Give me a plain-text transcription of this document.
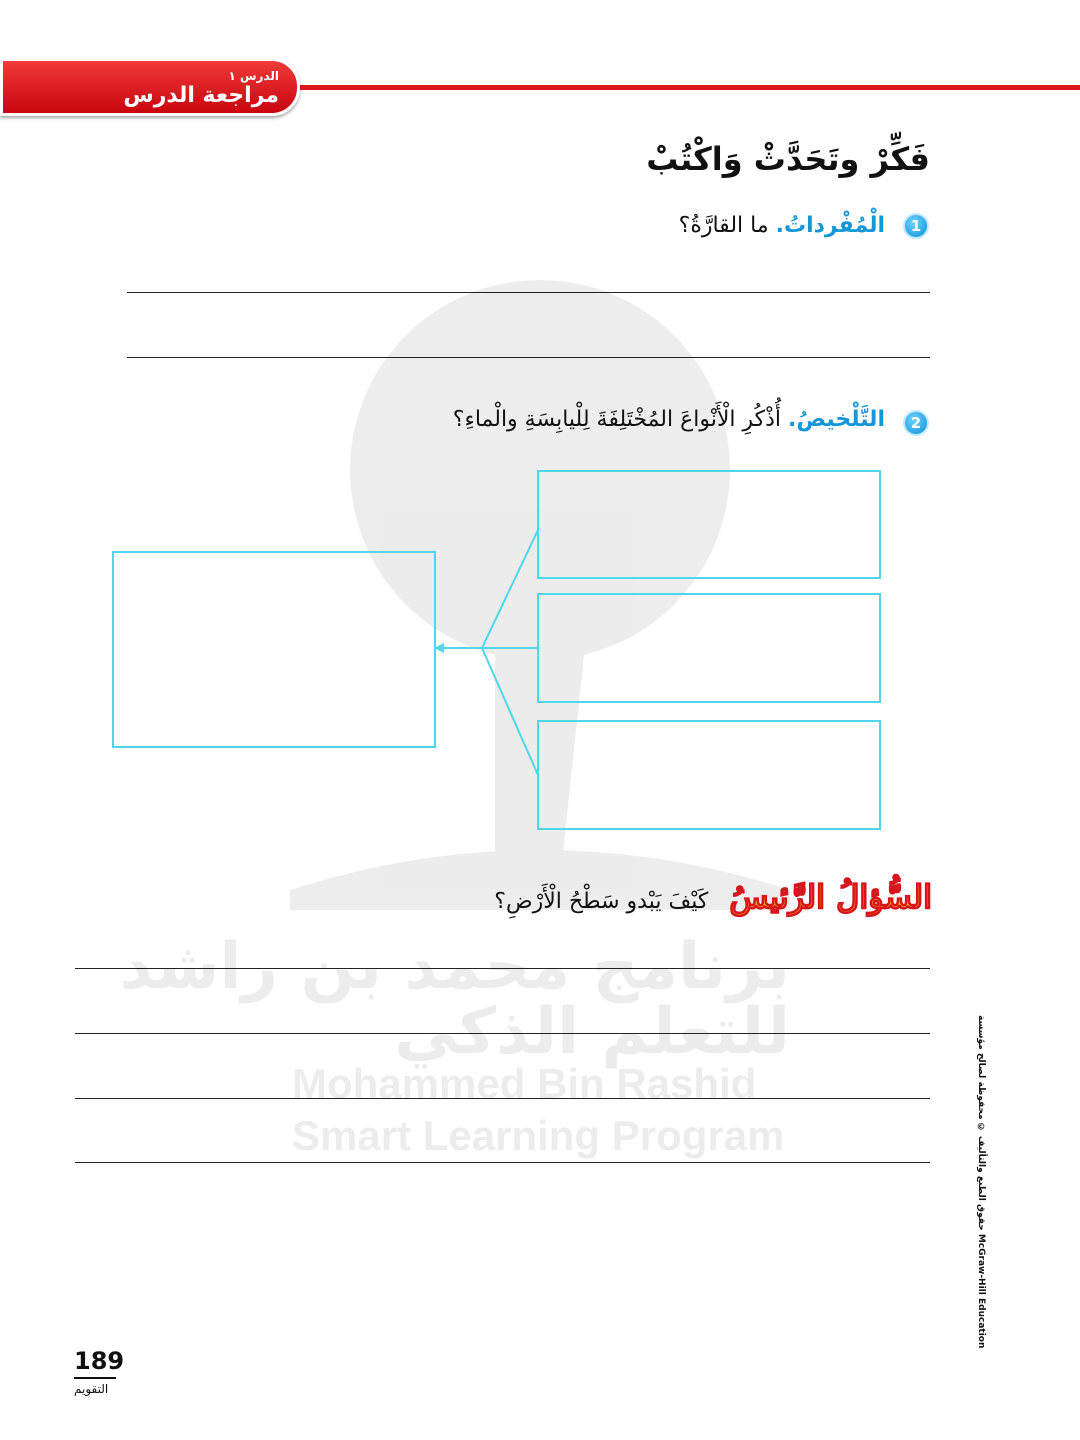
برنامج محمد بن راشد
للتعلم الذكي
Mohammed Bin Rashid
Smart Learning Program
الدرس ١
مراجعة الدرس
فَكِّرْ وتَحَدَّثْ وَاكْتُبْ
1
الْمُفْرداتُ. ما القارَّةُ؟
2
التَّلْخيصُ. أُذْكُرِ الْأَنْواعَ المُخْتَلِفَةَ لِلْيابِسَةِ والْماءِ؟
السُّؤالُ الرَّئيسُ كَيْفَ يَبْدو سَطْحُ الْأَرْضِ؟
حقوق الطبع والتأليف © محفوظة لصالح مؤسسة McGraw-Hill Education
189
التقويم
